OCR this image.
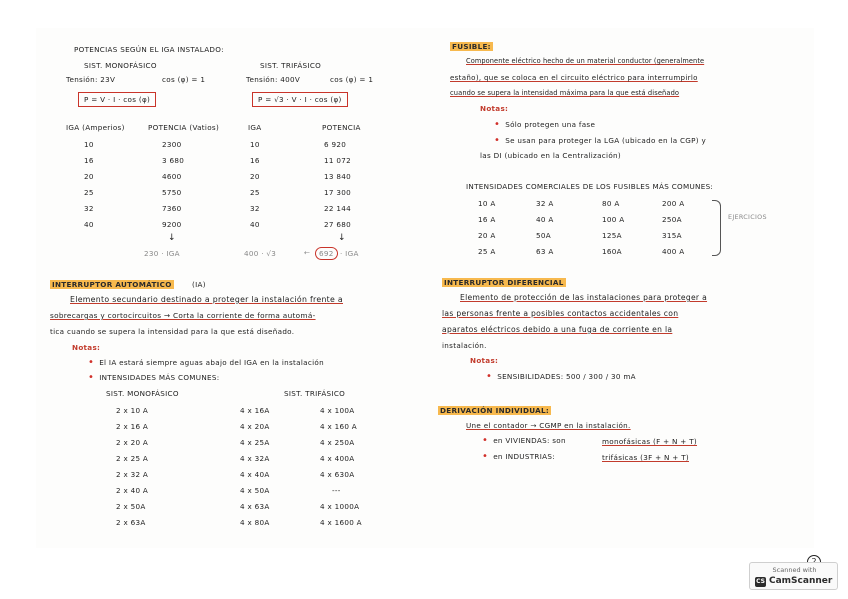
POTENCIAS SEGÚN EL IGA INSTALADO:
SIST. MONOFÁSICO	SIST. TRIFÁSICO
Tensión: 23V	cos (φ) = 1	Tensión: 400V	cos (φ) = 1
P = V · I · cos (φ)	P = √3 · V · I · cos (φ)
IGA (Amperios)	POTENCIA (Vatios)	IGA	POTENCIA
10	2300	10	6 920
16	3 680	16	11 072
20	4600	20	13 840
25	5750	25	17 300
32	7360	32	22 144
40	9200	40	27 680
↓	↓
230 · IGA	400 · √3	←	692 · IGA
INTERRUPTOR AUTOMÁTICO	(IA)
Elemento secundario destinado a proteger la instalación frente a
sobrecargas y cortocircuitos → Corta la corriente de forma automá-
tica cuando se supera la intensidad para la que está diseñado.
Notas:
• El IA estará siempre aguas abajo del IGA en la instalación
• INTENSIDADES MÁS COMUNES:
SIST. MONOFÁSICO	SIST. TRIFÁSICO
2 x 10 A	4 x 16A	4 x 100A
2 x 16 A	4 x 20A	4 x 160 A
2 x 20 A	4 x 25A	4 x 250A
2 x 25 A	4 x 32A	4 x 400A
2 x 32 A	4 x 40A	4 x 630A
2 x 40 A	4 x 50A	---
2 x 50A	4 x 63A	4 x 1000A
2 x 63A	4 x 80A	4 x 1600 A
FUSIBLE:
Componente eléctrico hecho de un material conductor (generalmente
estaño), que se coloca en el circuito eléctrico para interrumpirlo
cuando se supera la intensidad máxima para la que está diseñado
Notas:
• Sólo protegen una fase
• Se usan para proteger la LGA (ubicado en la CGP) y
las DI (ubicado en la Centralización)
INTENSIDADES COMERCIALES DE LOS FUSIBLES MÁS COMUNES:
10 A	32 A	80 A	200 A
16 A	40 A	100 A	250A
20 A	50A	125A	315A
25 A	63 A	160A	400 A
EJERCICIOS
INTERRUPTOR DIFERENCIAL
Elemento de protección de las instalaciones para proteger a
las personas frente a posibles contactos accidentales con
aparatos eléctricos debido a una fuga de corriente en la
instalación.
Notas:
• SENSIBILIDADES: 500 / 300 / 30 mA
DERIVACIÓN INDIVIDUAL:
Une el contador → CGMP en la instalación.
• en VIVIENDAS: son	monofásicas (F + N + T)
• en INDUSTRIAS:	trifásicas (3F + N + T)
Scanned with
CS CamScanner
